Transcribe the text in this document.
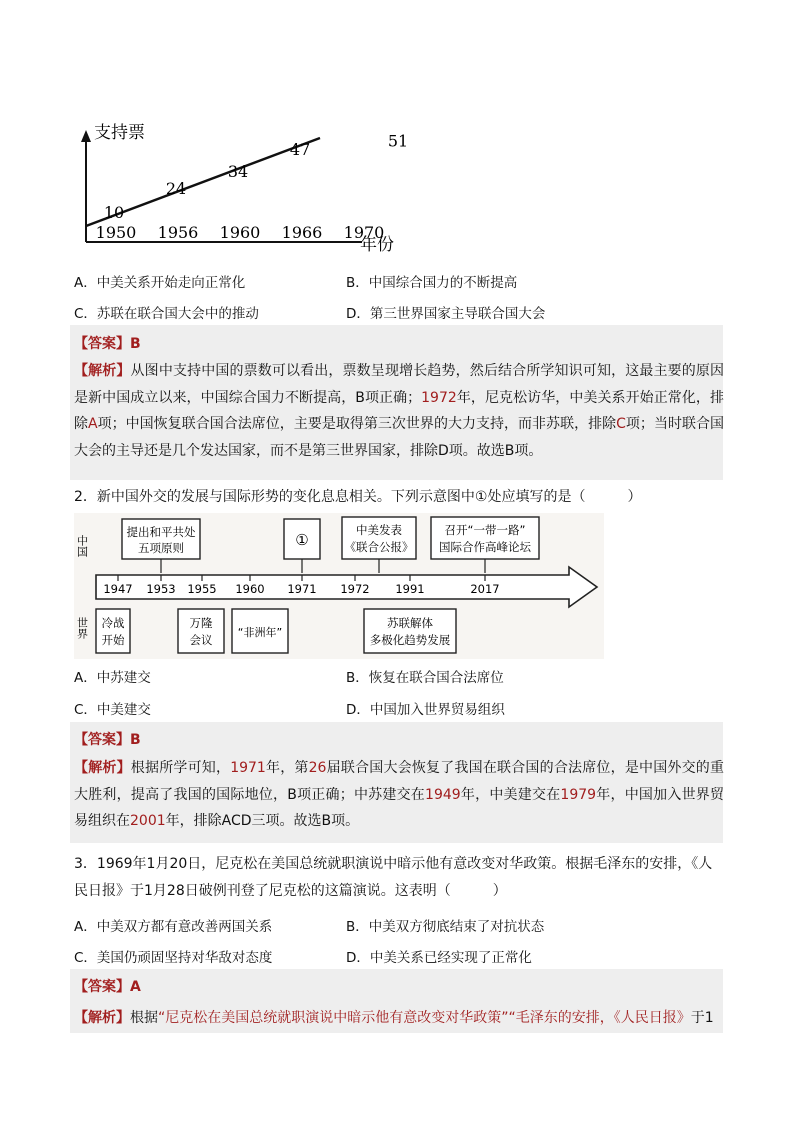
支持票
年份
1950 1956 1960 1966 1970
10
24
34
47	51
A．中美关系开始走向正常化	B．中国综合国力的不断提高
C．苏联在联合国大会中的推动	D．第三世界国家主导联合国大会
【答案】B
【解析】从图中支持中国的票数可以看出，票数呈现增长趋势，然后结合所学知识可知，这最主要的原因是新中国成立以来，中国综合国力不断提高，B项正确；1972年，尼克松访华，中美关系开始正常化，排除A项；中国恢复联合国合法席位，主要是取得第三次世界的大力支持，而非苏联，排除C项；当时联合国大会的主导还是几个发达国家，而不是第三世界国家，排除D项。故选B项。
2．新中国外交的发展与国际形势的变化息息相关。下列示意图中①处应填写的是（　　　）
中国
世界
提出和平共处
五项原则	①
中美发表
《联合公报》
召开“一带一路”
国际合作高峰论坛
1947 1953 1955 1960 1971 1972 1991	2017
冷战
开始
万隆
会议
“非洲年”
苏联解体
多极化趋势发展
A．中苏建交	B．恢复在联合国合法席位
C．中美建交	D．中国加入世界贸易组织
【答案】B
【解析】根据所学可知，1971年，第26届联合国大会恢复了我国在联合国的合法席位，是中国外交的重大胜利，提高了我国的国际地位，B项正确；中苏建交在1949年，中美建交在1979年，中国加入世界贸易组织在2001年，排除ACD三项。故选B项。
3．1969年1月20日，尼克松在美国总统就职演说中暗示他有意改变对华政策。根据毛泽东的安排，《人民日报》于1月28日破例刊登了尼克松的这篇演说。这表明（　　　）
A．中美双方都有意改善两国关系	B．中美双方彻底结束了对抗状态
C．美国仍顽固坚持对华敌对态度	D．中美关系已经实现了正常化
【答案】A
【解析】根据“尼克松在美国总统就职演说中暗示他有意改变对华政策”“毛泽东的安排，《人民日报》于1
